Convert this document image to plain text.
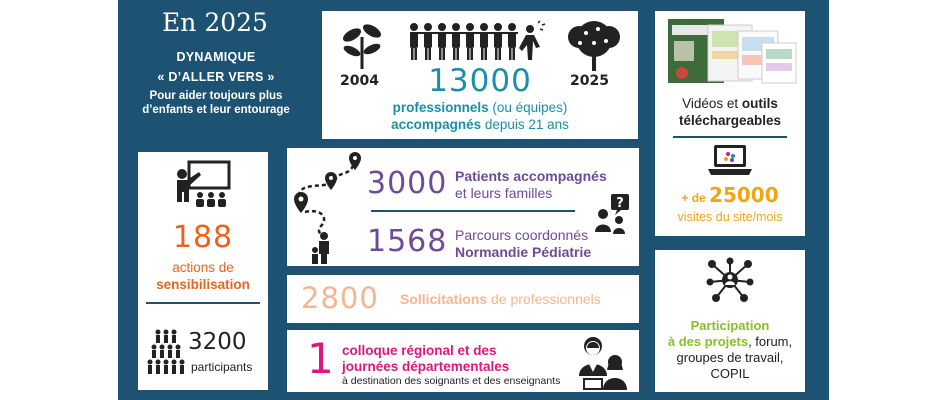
En 2025
DYNAMIQUE
« D’ALLER VERS »
Pour aider toujours plus
d’enfants et leur entourage
2004	2025
13000
professionnels (ou équipes)
accompagnés depuis 21 ans
Vidéos et outils
téléchargeables
+ de 25000
visites du site/mois
188
actions de
sensibilisation
3200
participants
3000 Patients accompagnés
et leurs familles
?
1568 Parcours coordonnés
Normandie Pédiatrie
2800 Sollicitations de professionnels
1 colloque régional et des
journées départementales
à destination des soignants et des enseignants
Participation
à des projets, forum,
groupes de travail,
COPIL
